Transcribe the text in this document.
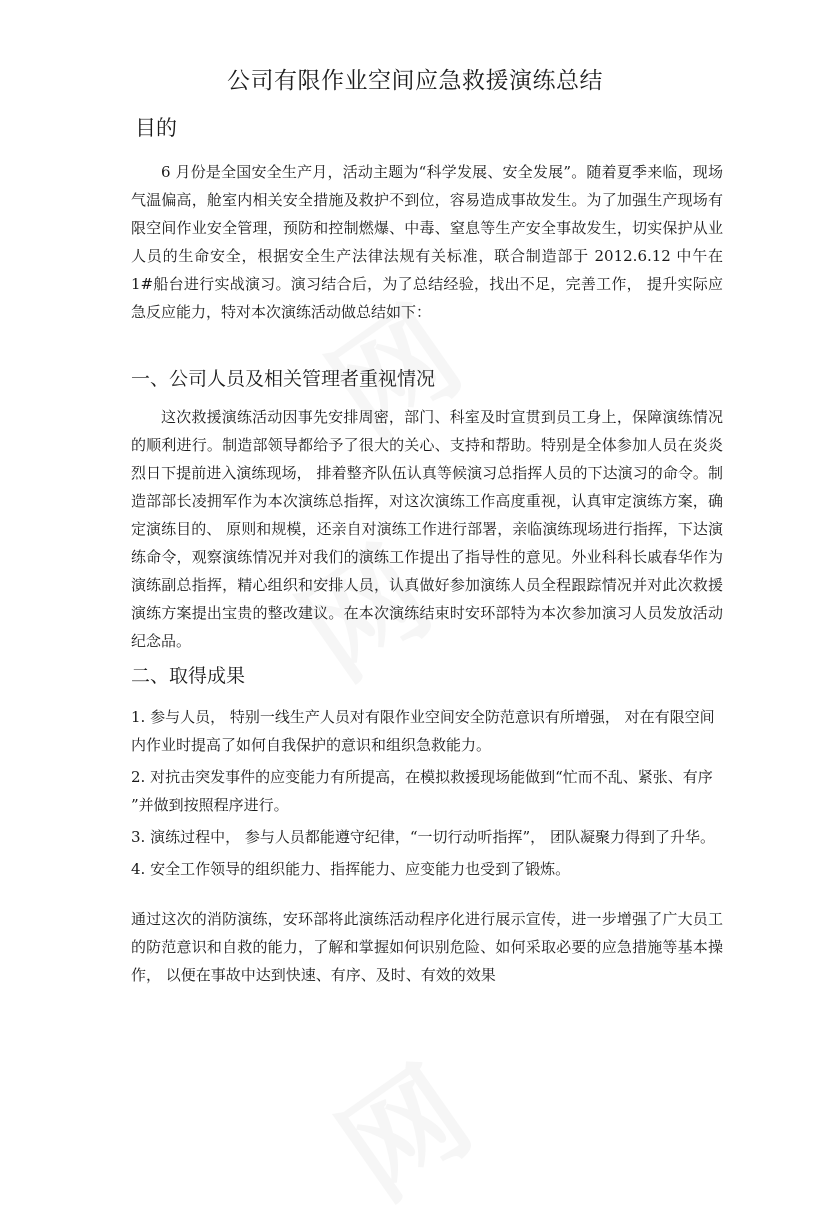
公司有限作业空间应急救援演练总结
目的

6 月份是全国安全生产月，活动主题为“科学发展、安全发展”。随着夏季来临，现场气温偏高，舱室内相关安全措施及救护不到位，容易造成事故发生。为了加强生产现场有限空间作业安全管理，预防和控制燃爆、中毒、窒息等生产安全事故发生，切实保护从业人员的生命安全，根据安全生产法律法规有关标准，联合制造部于 2012.6.12 中午在 1#船台进行实战演习。演习结合后，为了总结经验，找出不足，完善工作， 提升实际应急反应能力，特对本次演练活动做总结如下：

一、公司人员及相关管理者重视情况

这次救援演练活动因事先安排周密，部门、科室及时宣贯到员工身上，保障演练情况的顺利进行。制造部领导都给予了很大的关心、支持和帮助。特别是全体参加人员在炎炎烈日下提前进入演练现场， 排着整齐队伍认真等候演习总指挥人员的下达演习的命令。制造部部长凌拥军作为本次演练总指挥，对这次演练工作高度重视，认真审定演练方案，确定演练目的、 原则和规模，还亲自对演练工作进行部署，亲临演练现场进行指挥，下达演练命令，观察演练情况并对我们的演练工作提出了指导性的意见。外业科科长戚春华作为演练副总指挥，精心组织和安排人员，认真做好参加演练人员全程跟踪情况并对此次救援演练方案提出宝贵的整改建议。在本次演练结束时安环部特为本次参加演习人员发放活动纪念品。

二、取得成果
1. 参与人员， 特别一线生产人员对有限作业空间安全防范意识有所增强， 对在有限空间内作业时提高了如何自我保护的意识和组织急救能力。
2. 对抗击突发事件的应变能力有所提高，在模拟救援现场能做到“忙而不乱、紧张、有序 ”并做到按照程序进行。
3. 演练过程中， 参与人员都能遵守纪律，“一切行动听指挥”， 团队凝聚力得到了升华。
4. 安全工作领导的组织能力、指挥能力、应变能力也受到了锻炼。

通过这次的消防演练，安环部将此演练活动程序化进行展示宣传，进一步增强了广大员工的防范意识和自救的能力，了解和掌握如何识别危险、如何采取必要的应急措施等基本操作， 以便在事故中达到快速、有序、及时、有效的效果
